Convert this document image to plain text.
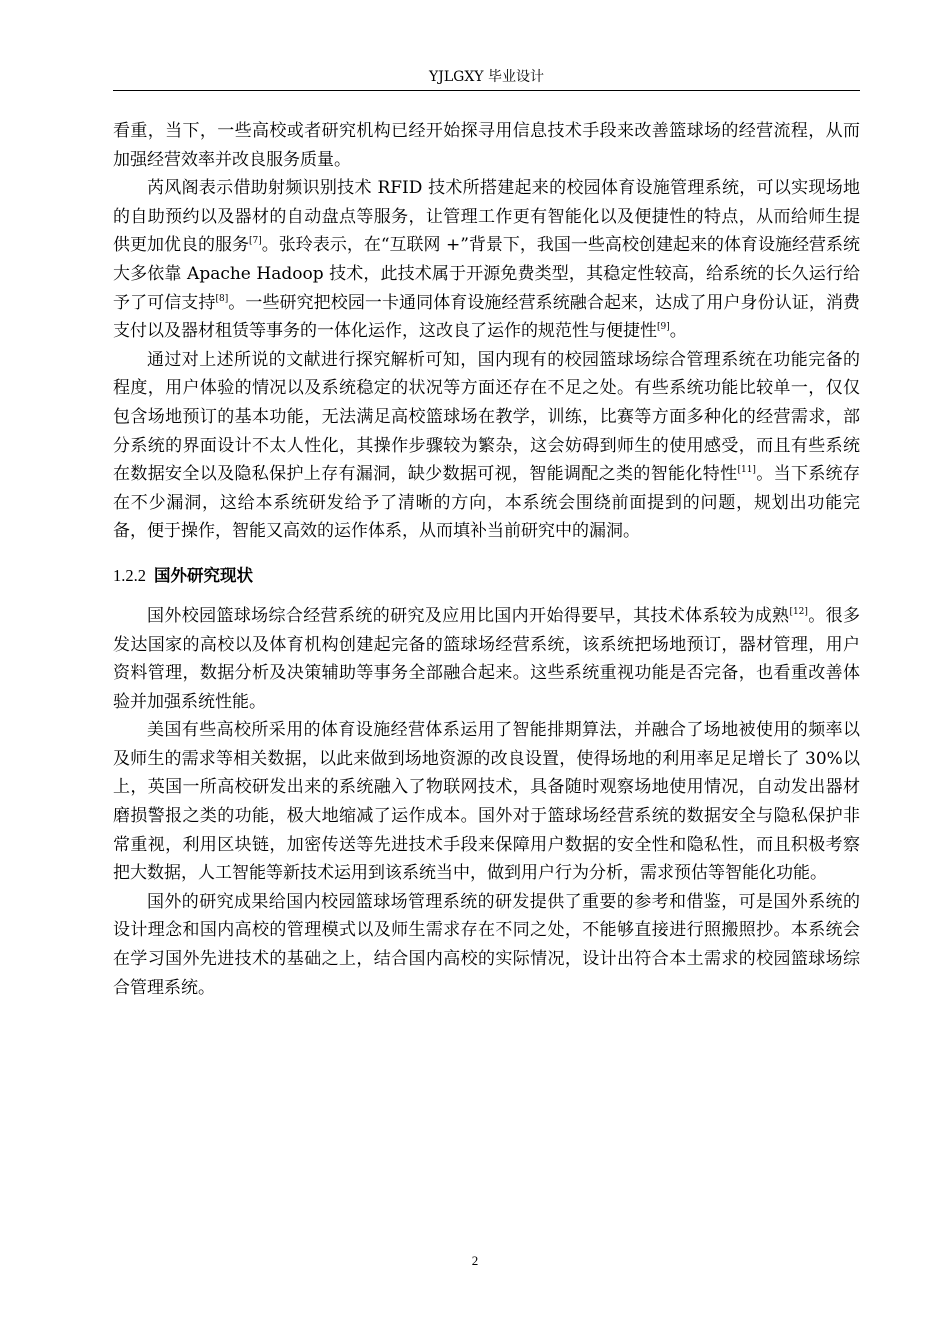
YJLGXY 毕业设计

看重，当下，一些高校或者研究机构已经开始探寻用信息技术手段来改善篮球场的经营流程，从而加强经营效率并改良服务质量。

芮风阁表示借助射频识别技术 RFID 技术所搭建起来的校园体育设施管理系统，可以实现场地的自助预约以及器材的自动盘点等服务，让管理工作更有智能化以及便捷性的特点，从而给师生提供更加优良的服务[7]。张玲表示，在“互联网 +”背景下，我国一些高校创建起来的体育设施经营系统大多依靠 Apache Hadoop 技术，此技术属于开源免费类型，其稳定性较高，给系统的长久运行给予了可信支持[8]。一些研究把校园一卡通同体育设施经营系统融合起来，达成了用户身份认证，消费支付以及器材租赁等事务的一体化运作，这改良了运作的规范性与便捷性[9]。

通过对上述所说的文献进行探究解析可知，国内现有的校园篮球场综合管理系统在功能完备的程度，用户体验的情况以及系统稳定的状况等方面还存在不足之处。有些系统功能比较单一，仅仅包含场地预订的基本功能，无法满足高校篮球场在教学，训练，比赛等方面多种化的经营需求，部分系统的界面设计不太人性化，其操作步骤较为繁杂，这会妨碍到师生的使用感受，而且有些系统在数据安全以及隐私保护上存有漏洞，缺少数据可视，智能调配之类的智能化特性[11]。当下系统存在不少漏洞，这给本系统研发给予了清晰的方向，本系统会围绕前面提到的问题，规划出功能完备，便于操作，智能又高效的运作体系，从而填补当前研究中的漏洞。

1.2.2 国外研究现状

国外校园篮球场综合经营系统的研究及应用比国内开始得要早，其技术体系较为成熟[12]。很多发达国家的高校以及体育机构创建起完备的篮球场经营系统，该系统把场地预订，器材管理，用户资料管理，数据分析及决策辅助等事务全部融合起来。这些系统重视功能是否完备，也看重改善体验并加强系统性能。

美国有些高校所采用的体育设施经营体系运用了智能排期算法，并融合了场地被使用的频率以及师生的需求等相关数据，以此来做到场地资源的改良设置，使得场地的利用率足足增长了 30%以上，英国一所高校研发出来的系统融入了物联网技术，具备随时观察场地使用情况，自动发出器材磨损警报之类的功能，极大地缩减了运作成本。国外对于篮球场经营系统的数据安全与隐私保护非常重视，利用区块链，加密传送等先进技术手段来保障用户数据的安全性和隐私性，而且积极考察把大数据，人工智能等新技术运用到该系统当中，做到用户行为分析，需求预估等智能化功能。

国外的研究成果给国内校园篮球场管理系统的研发提供了重要的参考和借鉴，可是国外系统的设计理念和国内高校的管理模式以及师生需求存在不同之处，不能够直接进行照搬照抄。本系统会在学习国外先进技术的基础之上，结合国内高校的实际情况，设计出符合本土需求的校园篮球场综合管理系统。

2
